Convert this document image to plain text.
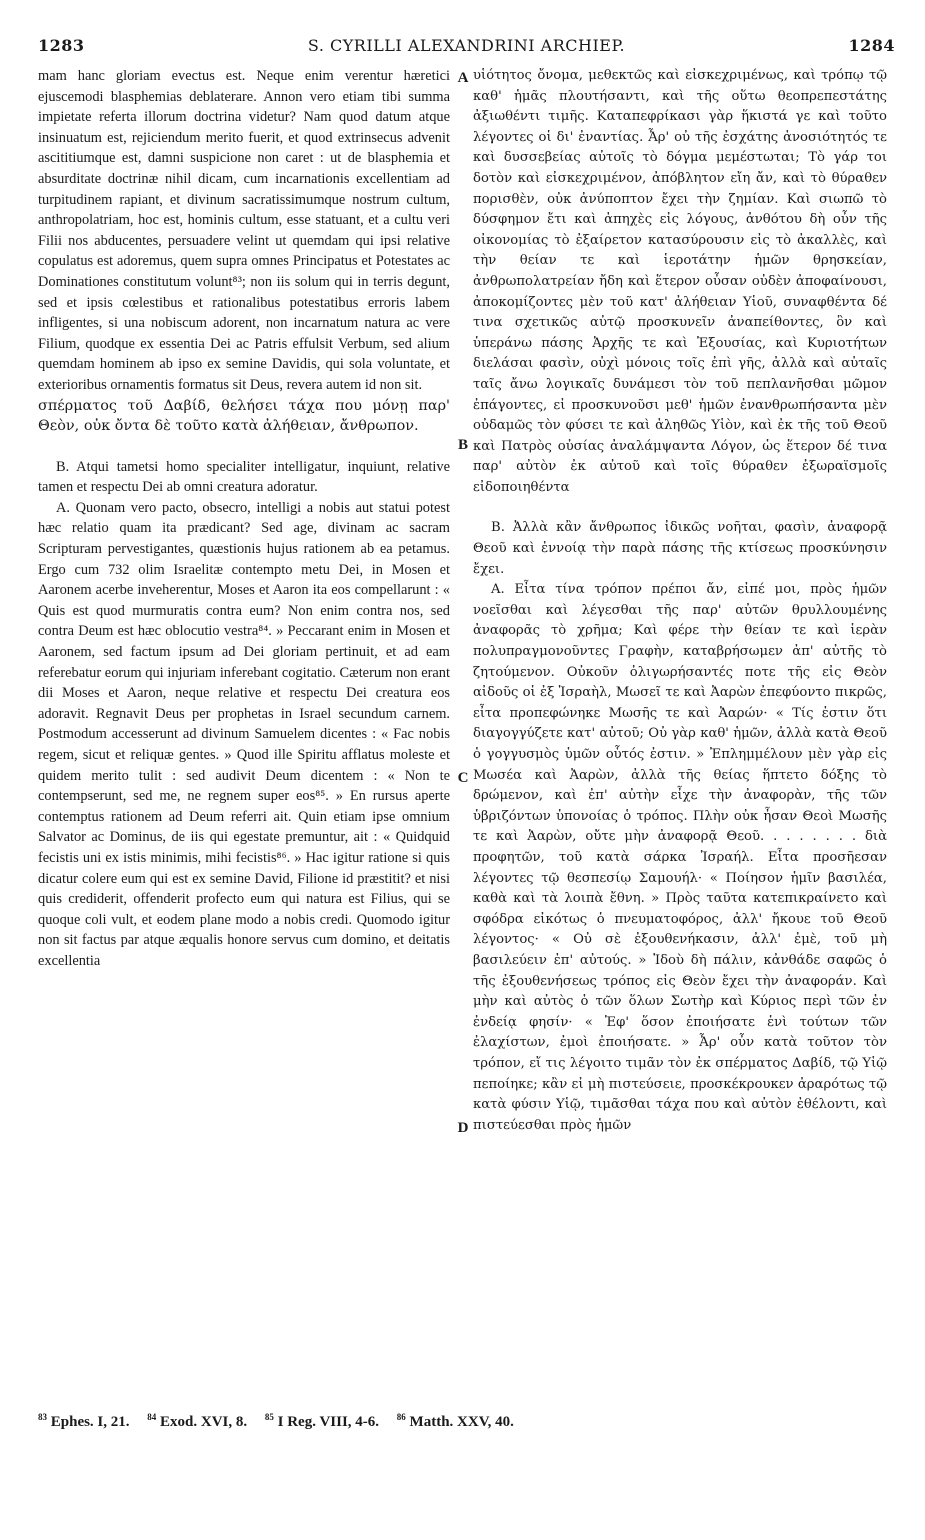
1283	S. CYRILLI ALEXANDRINI ARCHIEP.	1284

mam hanc gloriam evectus est. Neque enim verentur hæretici ejuscemodi blasphemias deblaterare. Annon vero etiam tibi summa impietate referta illorum doctrina videtur? Nam quod datum atque insinuatum est, rejiciendum merito fuerit, et quod extrinsecus advenit ascititiumque est, damni suspicione non caret : ut de blasphemia et absurditate doctrinæ nihil dicam, cum incarnationis excellentiam ad turpitudinem rapiant, et divinum sacratissimumque nostrum cultum, anthropolatriam, hoc est, hominis cultum, esse statuant, et a cultu veri Filii nos abducentes, persuadere velint ut quemdam qui ipsi relative copulatus est adoremus, quem supra omnes Principatus et Potestates ac Dominationes constitutum volunt⁸³; non iis solum qui in terris degunt, sed et ipsis cœlestibus et rationalibus potestatibus erroris labem infligentes, si una nobiscum adorent, non incarnatum natura ac vere Filium, quodque ex essentia Dei ac Patris effulsit Verbum, sed alium quemdam hominem ab ipso ex semine Davidis, qui sola voluntate, et exterioribus ornamentis formatus sit Deus, revera autem id non sit.

σπέρματος τοῦ Δαβίδ, θελήσει τάχα που μόνῃ παρ' Θεὸν, οὐκ ὄντα δὲ τοῦτο κατὰ ἀλήθειαν, ἄνθρωπον.

B. Atqui tametsi homo specialiter intelligatur, inquiunt, relative tamen et respectu Dei ab omni creatura adoratur.

A. Quonam vero pacto, obsecro, intelligi a nobis aut statui potest hæc relatio quam ita prædicant? Sed age, divinam ac sacram Scripturam pervestigantes, quæstionis hujus rationem ab ea petamus. Ergo cum 732 olim Israelitæ contempto metu Dei, in Mosen et Aaronem acerbe inveherentur, Moses et Aaron ita eos compellarunt : « Quis est quod murmuratis contra eum? Non enim contra nos, sed contra Deum est hæc oblocutio vestra⁸⁴. » Peccarant enim in Mosen et Aaronem, sed factum ipsum ad Dei gloriam pertinuit, et ad eam referebatur eorum qui injuriam inferebant cogitatio. Cæterum non erant dii Moses et Aaron, neque relative et respectu Dei creatura eos adoravit. Regnavit Deus per prophetas in Israel secundum carnem. Postmodum accesserunt ad divinum Samuelem dicentes : « Fac nobis regem, sicut et reliquæ gentes. » Quod ille Spiritu afflatus moleste et quidem merito tulit : sed audivit Deum dicentem : « Non te contempserunt, sed me, ne regnem super eos⁸⁵. » En rursus aperte contemptus rationem ad Deum referri ait. Quin etiam ipse omnium Salvator ac Dominus, de iis qui egestate premuntur, ait : « Quidquid fecistis uni ex istis minimis, mihi fecistis⁸⁶. » Hac igitur ratione si quis dicatur colere eum qui est ex semine David, Filione id præstitit? et nisi quis crediderit, offenderit profecto eum qui natura est Filius, qui se quoque coli vult, et eodem plane modo a nobis credi. Quomodo igitur non sit factus par atque æqualis honore servus cum domino, et deitatis excellentia

A
B
C
D

υἱότητος ὄνομα, μεθεκτῶς καὶ εἰσκεχριμένως, καὶ τρόπῳ τῷ καθ' ἡμᾶς πλουτήσαντι, καὶ τῆς οὕτω θεοπρεπεστάτης ἀξιωθέντι τιμῆς. Καταπεφρίκασι γὰρ ἥκιστά γε καὶ τοῦτο λέγοντες οἱ δι' ἐναντίας. Ἆρ' οὐ τῆς ἐσχάτης ἀνοσιότητός τε καὶ δυσσεβείας αὐτοῖς τὸ δόγμα μεμέστωται; Τὸ γάρ τοι δοτὸν καὶ εἰσκεχριμένον, ἀπόβλητον εἴη ἄν, καὶ τὸ θύραθεν πορισθὲν, οὐκ ἀνύποπτον ἔχει τὴν ζημίαν. Καὶ σιωπῶ τὸ δύσφημον ἔτι καὶ ἀπηχὲς εἰς λόγους, ἀνθότου δὴ οὖν τῆς οἰκονομίας τὸ ἐξαίρετον κατασύρουσιν εἰς τὸ ἀκαλλὲς, καὶ τὴν θείαν τε καὶ ἱεροτάτην ἡμῶν θρησκείαν, ἀνθρωπολατρείαν ἤδη καὶ ἕτερον οὖσαν οὐδὲν ἀποφαίνουσι, ἀποκομίζοντες μὲν τοῦ κατ' ἀλήθειαν Υἱοῦ, συναφθέντα δέ τινα σχετικῶς αὐτῷ προσκυνεῖν ἀναπείθοντες, ὃν καὶ ὑπεράνω πάσης Ἀρχῆς τε καὶ Ἐξουσίας, καὶ Κυριοτήτων διελάσαι φασὶν, οὐχὶ μόνοις τοῖς ἐπὶ γῆς, ἀλλὰ καὶ αὐταῖς ταῖς ἄνω λογικαῖς δυνάμεσι τὸν τοῦ πεπλανῆσθαι μῶμον ἐπάγοντες, εἰ προσκυνοῦσι μεθ' ἡμῶν ἐνανθρωπήσαντα μὲν οὐδαμῶς τὸν φύσει τε καὶ ἀληθῶς Υἱὸν, καὶ ἐκ τῆς τοῦ Θεοῦ καὶ Πατρὸς οὐσίας ἀναλάμψαντα Λόγον, ὡς ἕτερον δέ τινα παρ' αὐτὸν ἐκ αὐτοῦ καὶ τοῖς θύραθεν ἐξωραϊσμοῖς εἰδοποιηθέντα

B. Ἀλλὰ κἂν ἄνθρωπος ἰδικῶς νοῆται, φασὶν, ἀναφορᾷ Θεοῦ καὶ ἐννοίᾳ τὴν παρὰ πάσης τῆς κτίσεως προσκύνησιν ἔχει.

A. Εἶτα τίνα τρόπον πρέποι ἄν, εἰπέ μοι, πρὸς ἡμῶν νοεῖσθαι καὶ λέγεσθαι τῆς παρ' αὐτῶν θρυλλουμένης ἀναφορᾶς τὸ χρῆμα; Καὶ φέρε τὴν θείαν τε καὶ ἱερὰν πολυπραγμονοῦντες Γραφὴν, καταβρήσωμεν ἀπ' αὐτῆς τὸ ζητούμενον. Οὐκοῦν ὀλιγωρήσαντές ποτε τῆς εἰς Θεὸν αἰδοῦς οἱ ἐξ Ἰσραὴλ, Μωσεῖ τε καὶ Ἀαρὼν ἐπεφύοντο πικρῶς, εἶτα προπεφώνηκε Μωσῆς τε καὶ Ἀαρών· « Τίς ἐστιν ὅτι διαγογγύζετε κατ' αὐτοῦ; Οὐ γὰρ καθ' ἡμῶν, ἀλλὰ κατὰ Θεοῦ ὁ γογγυσμὸς ὑμῶν οὗτός ἐστιν. » Ἐπλημμέλουν μὲν γὰρ εἰς Μωσέα καὶ Ἀαρὼν, ἀλλὰ τῆς θείας ἥπτετο δόξης τὸ δρώμενον, καὶ ἐπ' αὐτὴν εἶχε τὴν ἀναφορὰν, τῆς τῶν ὑβριζόντων ὑπονοίας ὁ τρόπος. Πλὴν οὐκ ἦσαν Θεοὶ Μωσῆς τε καὶ Ἀαρὼν, οὔτε μὴν ἀναφορᾷ Θεοῦ. . . . . . . . διὰ προφητῶν, τοῦ κατὰ σάρκα Ἰσραήλ. Εἶτα προσῆεσαν λέγοντες τῷ θεσπεσίῳ Σαμουήλ· « Ποίησον ἡμῖν βασιλέα, καθὰ καὶ τὰ λοιπὰ ἔθνη. » Πρὸς ταῦτα κατεπικραίνετο καὶ σφόδρα εἰκότως ὁ πνευματοφόρος, ἀλλ' ἤκουε τοῦ Θεοῦ λέγοντος· « Οὐ σὲ ἐξουθενήκασιν, ἀλλ' ἐμὲ, τοῦ μὴ βασιλεύειν ἐπ' αὐτούς. » Ἰδοὺ δὴ πάλιν, κἀνθάδε σαφῶς ὁ τῆς ἐξουθενήσεως τρόπος εἰς Θεὸν ἔχει τὴν ἀναφοράν. Καὶ μὴν καὶ αὐτὸς ὁ τῶν ὅλων Σωτὴρ καὶ Κύριος περὶ τῶν ἐν ἐνδείᾳ φησίν· « Ἐφ' ὅσον ἐποιήσατε ἑνὶ τούτων τῶν ἐλαχίστων, ἐμοὶ ἐποιήσατε. » Ἆρ' οὖν κατὰ τοῦτον τὸν τρόπον, εἴ τις λέγοιτο τιμᾶν τὸν ἐκ σπέρματος Δαβίδ, τῷ Υἱῷ πεποίηκε; κἂν εἰ μὴ πιστεύσειε, προσκέκρουκεν ἀραρότως τῷ κατὰ φύσιν Υἱῷ, τιμᾶσθαι τάχα που καὶ αὐτὸν ἐθέλοντι, καὶ πιστεύεσθαι πρὸς ἡμῶν

$^{83}$ Ephes. I, 21. $^{84}$ Exod. XVI, 8. $^{85}$ I Reg. VIII, 4-6. $^{86}$ Matth. XXV, 40.
